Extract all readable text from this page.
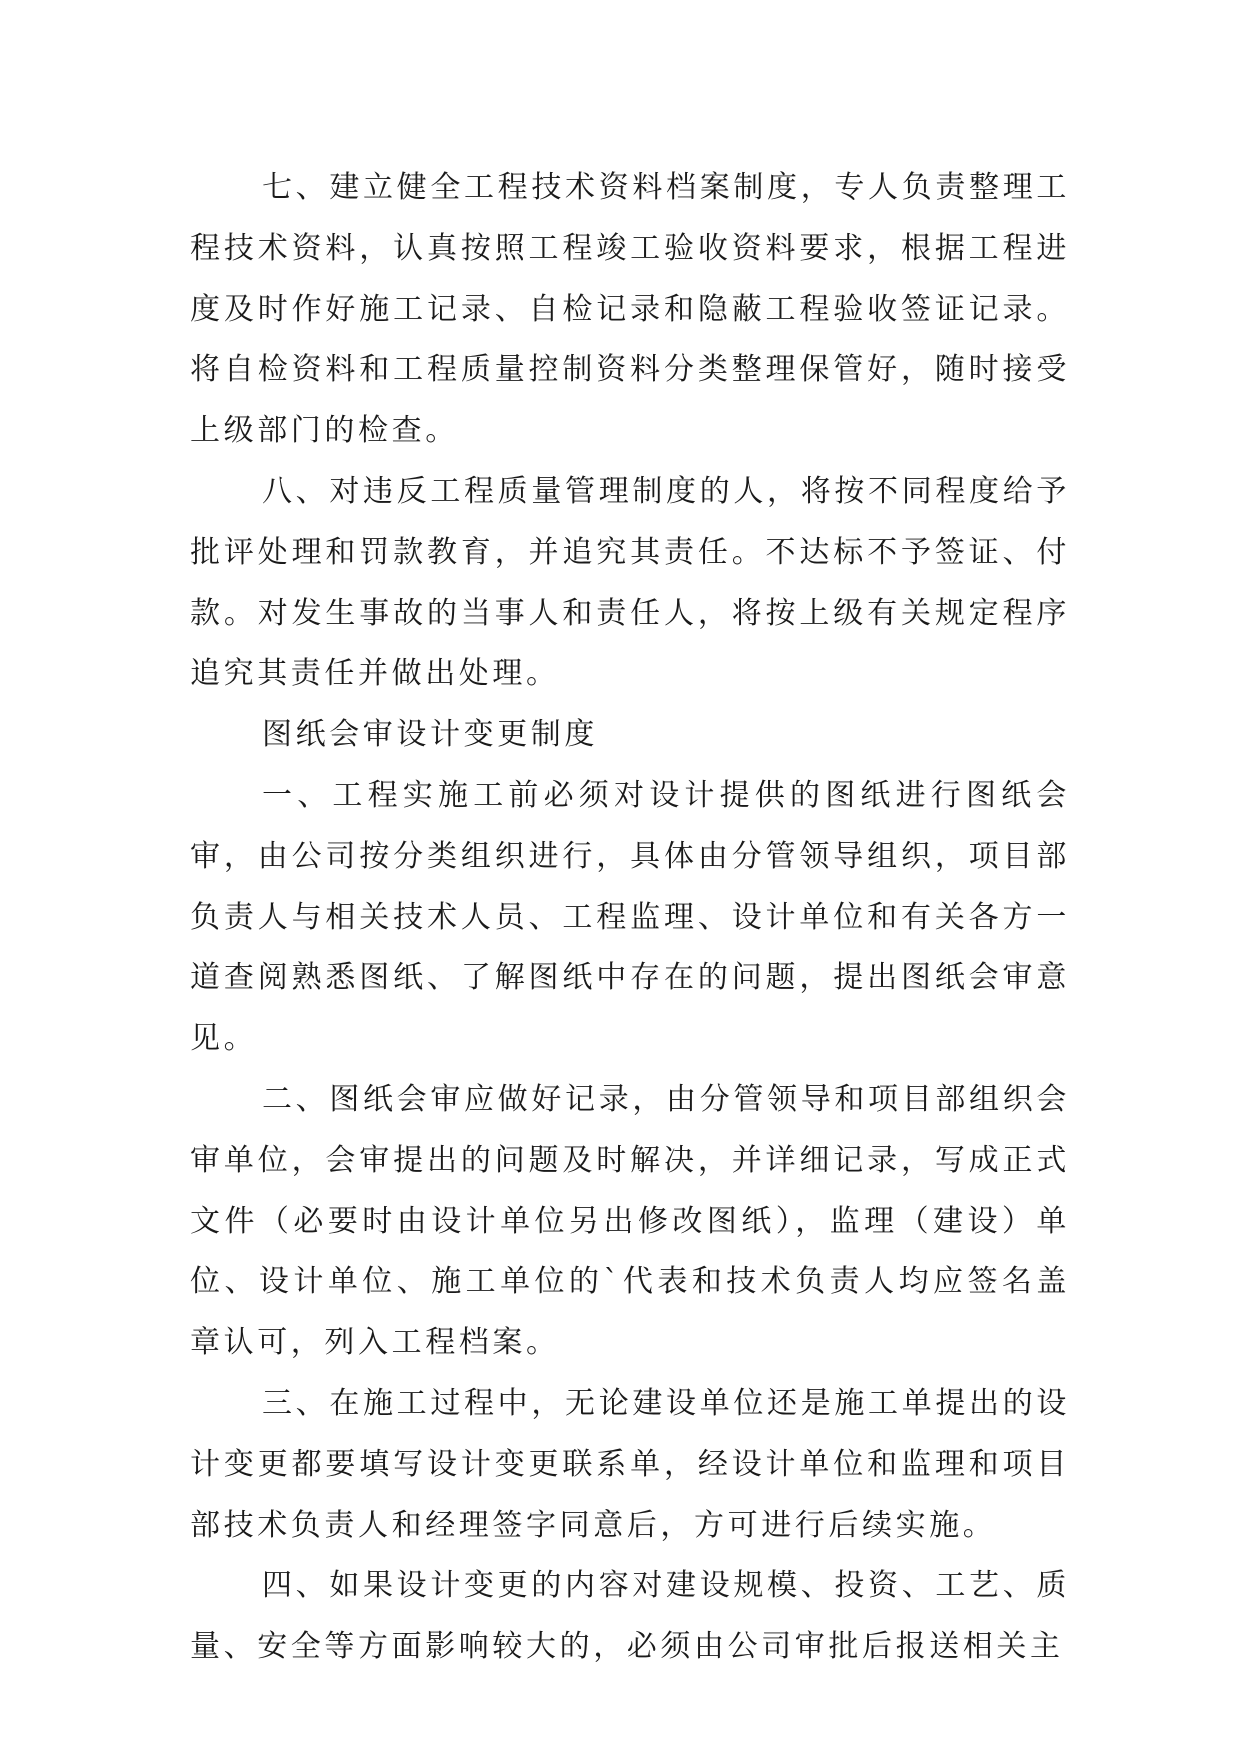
七、建立健全工程技术资料档案制度，专人负责整理工程技术资料，认真按照工程竣工验收资料要求，根据工程进度及时作好施工记录、自检记录和隐蔽工程验收签证记录。将自检资料和工程质量控制资料分类整理保管好，随时接受上级部门的检查。

八、对违反工程质量管理制度的人，将按不同程度给予批评处理和罚款教育，并追究其责任。不达标不予签证、付款。对发生事故的当事人和责任人，将按上级有关规定程序追究其责任并做出处理。

图纸会审设计变更制度

一、工程实施工前必须对设计提供的图纸进行图纸会审，由公司按分类组织进行，具体由分管领导组织，项目部负责人与相关技术人员、工程监理、设计单位和有关各方一道查阅熟悉图纸、了解图纸中存在的问题，提出图纸会审意见。

二、图纸会审应做好记录，由分管领导和项目部组织会审单位，会审提出的问题及时解决，并详细记录，写成正式文件（必要时由设计单位另出修改图纸），监理（建设）单位、设计单位、施工单位的`代表和技术负责人均应签名盖章认可，列入工程档案。

三、在施工过程中，无论建设单位还是施工单提出的设计变更都要填写设计变更联系单，经设计单位和监理和项目部技术负责人和经理签字同意后，方可进行后续实施。

四、如果设计变更的内容对建设规模、投资、工艺、质量、安全等方面影响较大的，必须由公司审批后报送相关主
